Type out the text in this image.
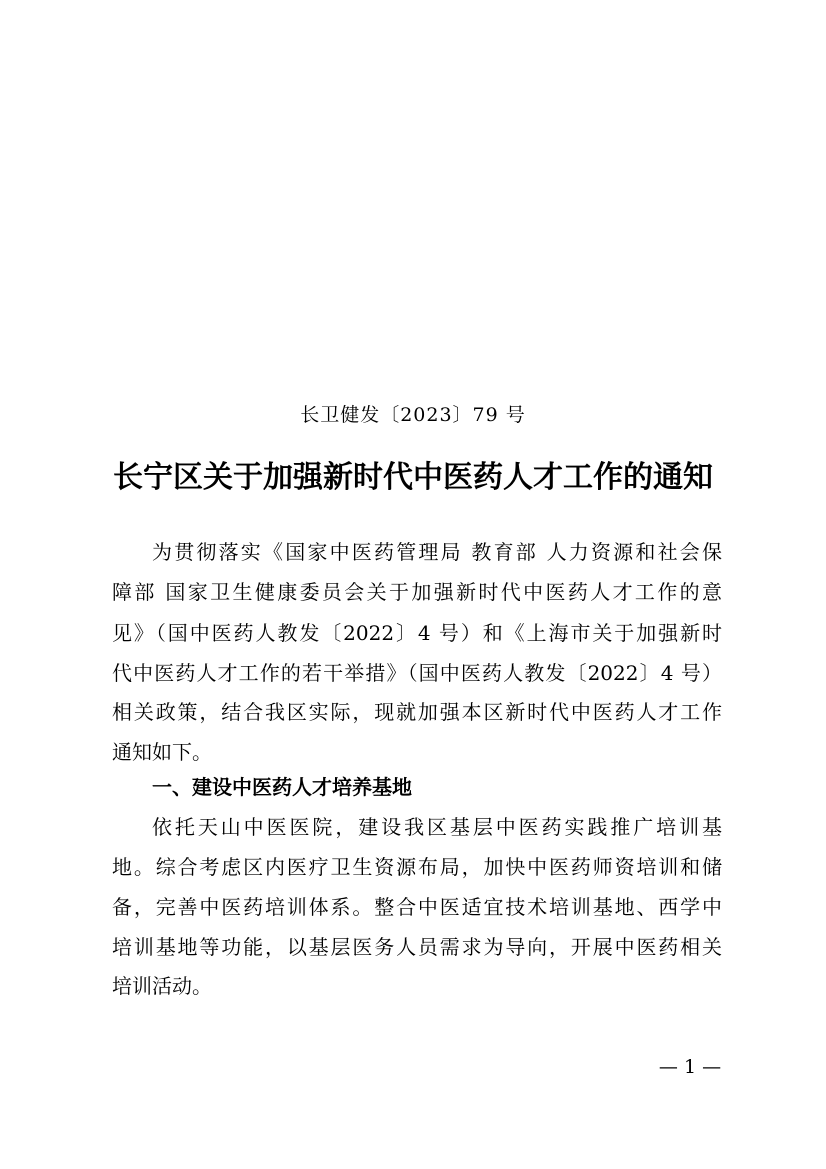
长卫健发〔2023〕79 号
长宁区关于加强新时代中医药人才工作的通知
为贯彻落实《国家中医药管理局 教育部 人力资源和社会保
障部 国家卫生健康委员会关于加强新时代中医药人才工作的意
见》（国中医药人教发〔2022〕4 号）和《上海市关于加强新时
代中医药人才工作的若干举措》（国中医药人教发〔2022〕4 号）
相关政策，结合我区实际，现就加强本区新时代中医药人才工作
通知如下。
一、建设中医药人才培养基地
依托天山中医医院，建设我区基层中医药实践推广培训基
地。综合考虑区内医疗卫生资源布局，加快中医药师资培训和储
备，完善中医药培训体系。整合中医适宜技术培训基地、西学中
培训基地等功能，以基层医务人员需求为导向，开展中医药相关
培训活动。
— 1 —
